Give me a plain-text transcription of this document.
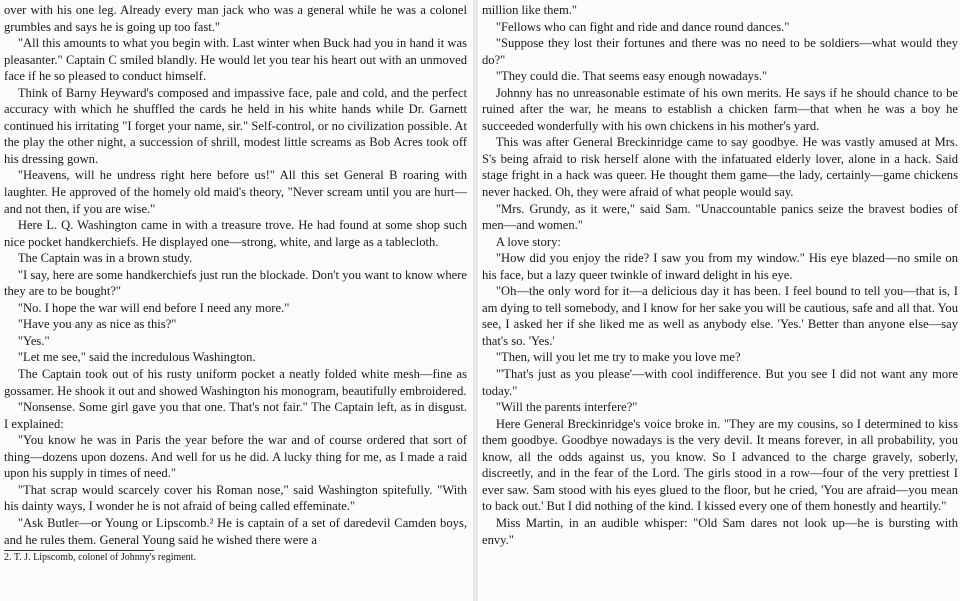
over with his one leg. Already every man jack who was a general while he was a colonel grumbles and says he is going up too fast."

"All this amounts to what you begin with. Last winter when Buck had you in hand it was pleasanter." Captain C smiled blandly. He would let you tear his heart out with an unmoved face if he so pleased to conduct himself.

Think of Barny Heyward's composed and impassive face, pale and cold, and the perfect accuracy with which he shuffled the cards he held in his white hands while Dr. Garnett continued his irritating "I forget your name, sir." Self-control, or no civilization possible. At the play the other night, a succession of shrill, modest little screams as Bob Acres took off his dressing gown.

"Heavens, will he undress right here before us!" All this set General B roaring with laughter. He approved of the homely old maid's theory, "Never scream until you are hurt—and not then, if you are wise."

Here L. Q. Washington came in with a treasure trove. He had found at some shop such nice pocket handkerchiefs. He displayed one—strong, white, and large as a tablecloth.

The Captain was in a brown study.

"I say, here are some handkerchiefs just run the blockade. Don't you want to know where they are to be bought?"

"No. I hope the war will end before I need any more."

"Have you any as nice as this?"

"Yes."

"Let me see," said the incredulous Washington.

The Captain took out of his rusty uniform pocket a neatly folded white mesh—fine as gossamer. He shook it out and showed Washington his monogram, beautifully embroidered.

"Nonsense. Some girl gave you that one. That's not fair." The Captain left, as in disgust. I explained:

"You know he was in Paris the year before the war and of course ordered that sort of thing—dozens upon dozens. And well for us he did. A lucky thing for me, as I made a raid upon his supply in times of need."

"That scrap would scarcely cover his Roman nose," said Washington spitefully. "With his dainty ways, I wonder he is not afraid of being called effeminate."

"Ask Butler—or Young or Lipscomb.² He is captain of a set of daredevil Camden boys, and he rules them. General Young said he wished there were a

2. T. J. Lipscomb, colonel of Johnny's regiment.

million like them."

"Fellows who can fight and ride and dance round dances."

"Suppose they lost their fortunes and there was no need to be soldiers—what would they do?"

"They could die. That seems easy enough nowadays."

Johnny has no unreasonable estimate of his own merits. He says if he should chance to be ruined after the war, he means to establish a chicken farm—that when he was a boy he succeeded wonderfully with his own chickens in his mother's yard.

This was after General Breckinridge came to say goodbye. He was vastly amused at Mrs. S's being afraid to risk herself alone with the infatuated elderly lover, alone in a hack. Said stage fright in a hack was queer. He thought them game—the lady, certainly—game chickens never hacked. Oh, they were afraid of what people would say.

"Mrs. Grundy, as it were," said Sam. "Unaccountable panics seize the bravest bodies of men—and women."

A love story:

"How did you enjoy the ride? I saw you from my window." His eye blazed—no smile on his face, but a lazy queer twinkle of inward delight in his eye.

"Oh—the only word for it—a delicious day it has been. I feel bound to tell you—that is, I am dying to tell somebody, and I know for her sake you will be cautious, safe and all that. You see, I asked her if she liked me as well as anybody else. 'Yes.' Better than anyone else—say that's so. 'Yes.'

"Then, will you let me try to make you love me?

"'That's just as you please'—with cool indifference. But you see I did not want any more today."

"Will the parents interfere?"

Here General Breckinridge's voice broke in. "They are my cousins, so I determined to kiss them goodbye. Goodbye nowadays is the very devil. It means forever, in all probability, you know, all the odds against us, you know. So I advanced to the charge gravely, soberly, discreetly, and in the fear of the Lord. The girls stood in a row—four of the very prettiest I ever saw. Sam stood with his eyes glued to the floor, but he cried, 'You are afraid—you mean to back out.' But I did nothing of the kind. I kissed every one of them honestly and heartily."

Miss Martin, in an audible whisper: "Old Sam dares not look up—he is bursting with envy."
